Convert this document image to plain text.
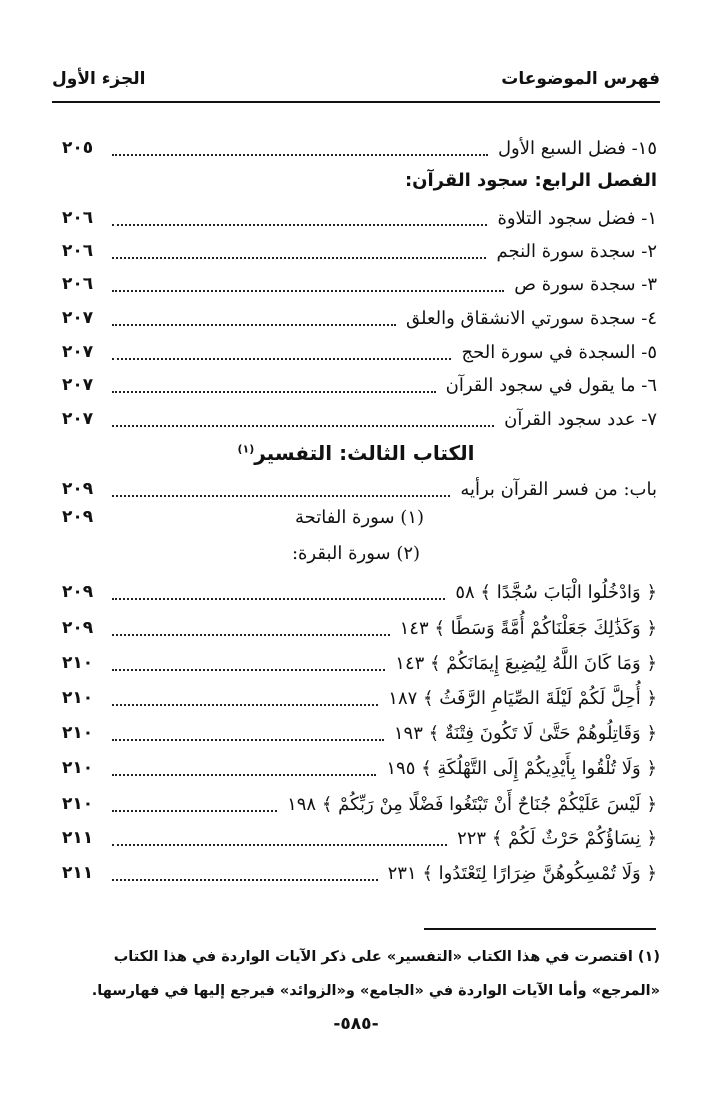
الجزء الأول	فهرس الموضوعات
١٥- فضل السبع الأول
٢٠٥
الفصل الرابع: سجود القرآن:
١- فضل سجود التلاوة
٢٠٦
٢- سجدة سورة النجم
٢٠٦
٣- سجدة سورة ص
٢٠٦
٤- سجدة سورتي الانشقاق والعلق
٢٠٧
٥- السجدة في سورة الحج
٢٠٧
٦- ما يقول في سجود القرآن
٢٠٧
٧- عدد سجود القرآن
٢٠٧
الكتاب الثالث: التفسير$^{(١)}$
باب: من فسر القرآن برأيه
٢٠٩
(١) سورة الفاتحة
٢٠٩
(٢) سورة البقرة:
﴿ وَادْخُلُوا الْبَابَ سُجَّدًا ﴾ ٥٨
٢٠٩
﴿ وَكَذَٰلِكَ جَعَلْنَاكُمْ أُمَّةً وَسَطًا ﴾ ١٤٣
٢٠٩
﴿ وَمَا كَانَ اللَّهُ لِيُضِيعَ إِيمَانَكُمْ ﴾ ١٤٣
٢١٠
﴿ أُحِلَّ لَكُمْ لَيْلَةَ الصِّيَامِ الرَّفَثُ ﴾ ١٨٧
٢١٠
﴿ وَقَاتِلُوهُمْ حَتَّىٰ لَا تَكُونَ فِتْنَةٌ ﴾ ١٩٣
٢١٠
﴿ وَلَا تُلْقُوا بِأَيْدِيكُمْ إِلَى التَّهْلُكَةِ ﴾ ١٩٥
٢١٠
﴿ لَيْسَ عَلَيْكُمْ جُنَاحٌ أَنْ تَبْتَغُوا فَضْلًا مِنْ رَبِّكُمْ ﴾ ١٩٨
٢١٠
﴿ نِسَاؤُكُمْ حَرْثٌ لَكُمْ ﴾ ٢٢٣
٢١١
﴿ وَلَا تُمْسِكُوهُنَّ ضِرَارًا لِتَعْتَدُوا ﴾ ٢٣١
٢١١
(١) اقتصرت في هذا الكتاب «التفسير» على ذكر الآيات الواردة في هذا الكتاب «المرجع» وأما الآيات الواردة في «الجامع» و«الزوائد» فيرجع إليها في فهارسها.
-٥٨٥-
